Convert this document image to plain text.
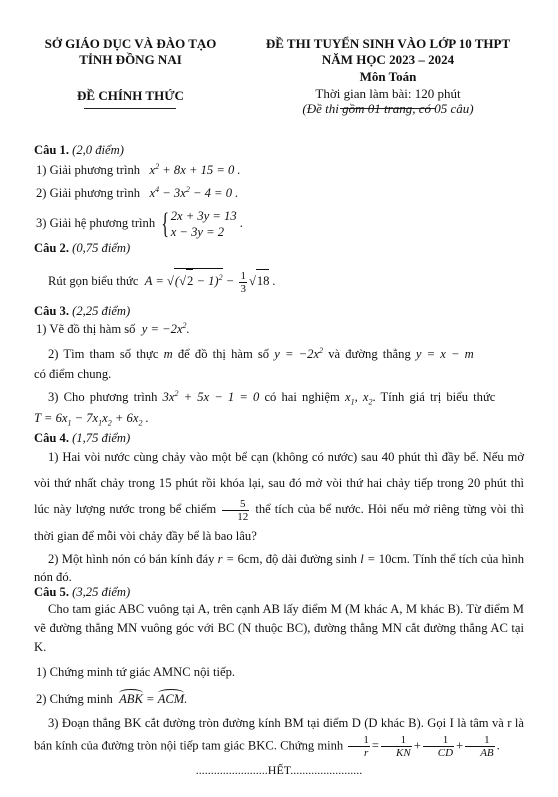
SỞ GIÁO DỤC VÀ ĐÀO TẠO
TỈNH ĐỒNG NAI
ĐỀ CHÍNH THỨC
ĐỀ THI TUYỂN SINH VÀO LỚP 10 THPT
NĂM HỌC 2023 – 2024
Môn Toán
Thời gian làm bài: 120 phút
(Đề thi gồm 01 trang, có 05 câu)
Câu 1. (2,0 điểm)
1) Giải phương trình   $x^2 + 8x + 15 = 0$ .
2) Giải phương trình   $x^4 - 3x^2 - 4 = 0$ .
3) Giải hệ phương trình { 2x + 3y = 13
x − 3y = 2
.
Câu 2. (0,75 điểm)
Rút gọn biểu thức  $A = √(√2 - 1)^2 - \frac{1}{3} √18$ .
Câu 3. (2,25 điểm)
1) Vẽ đồ thị hàm số  $y = -2x^2$.
2) Tìm tham số thực m để đồ thị hàm số $y = -2x^2$ và đường thẳng y = x − m
có điểm chung.
3) Cho phương trình $3x^2 + 5x - 1 = 0$ có hai nghiệm $x_1$, $x_2$. Tính giá trị biểu thức
$T = 6x_1 - 7x_1x_2 + 6x_2$ .
Câu 4. (1,75 điểm)
1) Hai vòi nước cùng chảy vào một bể cạn (không có nước) sau 40 phút thì đầy bể. Nếu mở vòi thứ nhất chảy trong 15 phút rồi khóa lại, sau đó mở vòi thứ hai chảy tiếp trong 20 phút thì lúc này lượng nước trong bể chiếm $\frac{5}{12}$ thể tích của bể nước. Hỏi nếu mở riêng từng vòi thì thời gian để mỗi vòi chảy đầy bể là bao lâu?
2) Một hình nón có bán kính đáy r = 6cm, độ dài đường sinh l = 10cm. Tính thể tích của hình nón đó.
Câu 5. (3,25 điểm)
Cho tam giác ABC vuông tại A, trên cạnh AB lấy điểm M (M khác A, M khác B). Từ điểm M vẽ đường thẳng MN vuông góc với BC (N thuộc BC), đường thẳng MN cắt đường thẳng AC tại K.
1) Chứng minh tứ giác AMNC nội tiếp.
2) Chứng minh ABK = ACM.
3) Đoạn thẳng BK cắt đường tròn đường kính BM tại điểm D (D khác B). Gọi I là tâm và r là bán kính của đường tròn nội tiếp tam giác BKC. Chứng minh $\frac{1}{r} = \frac{1}{KN} + \frac{1}{CD} + \frac{1}{AB}$ .
........................HẾT........................
